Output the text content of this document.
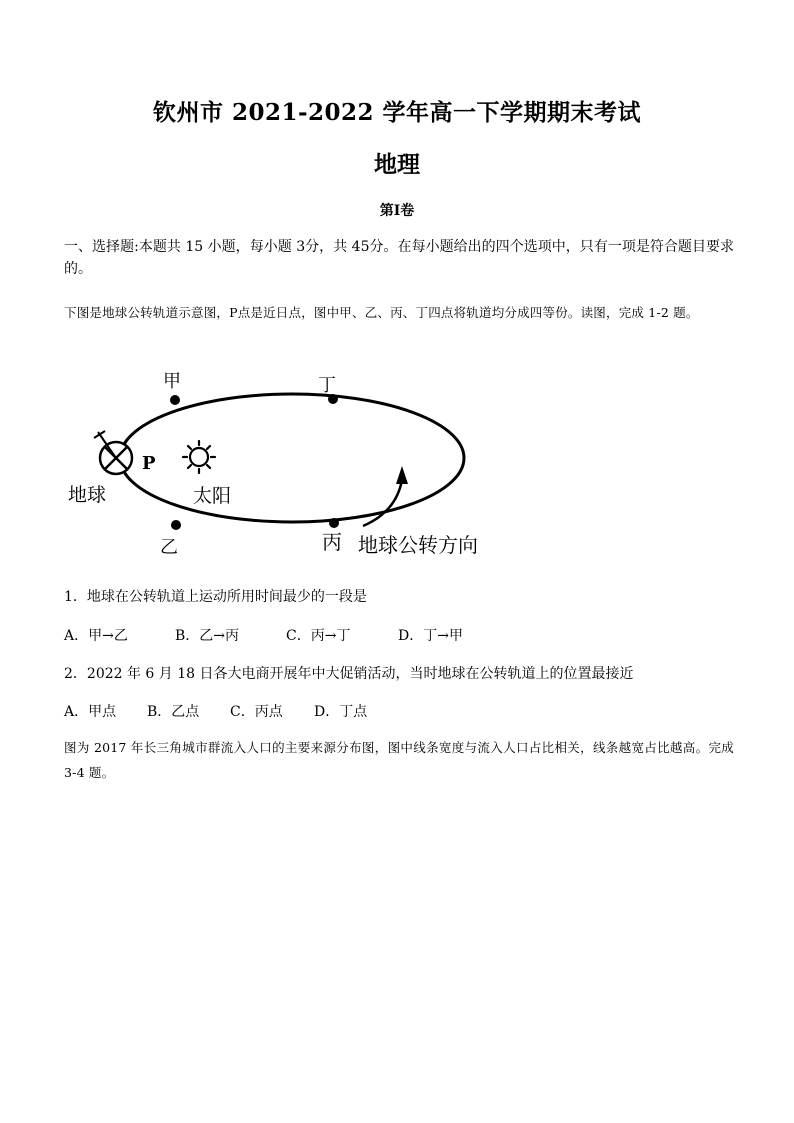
钦州市 2021-2022 学年高一下学期期末考试
地理
第Ⅰ卷
一、选择题:本题共 15 小题，每小题 3分，共 45分。在每小题给出的四个选项中，只有一项是符合题目要求的。
下图是地球公转轨道示意图，P点是近日点，图中甲、乙、丙、丁四点将轨道均分成四等份。读图，完成 1-2 题。
甲	丁
乙	丙
P
地球	太阳
地球公转方向
1．地球在公转轨道上运动所用时间最少的一段是
A．甲→乙	B．乙→丙	C．丙→丁	D．丁→甲
2．2022 年 6 月 18 日各大电商开展年中大促销活动，当时地球在公转轨道上的位置最接近
A．甲点 B．乙点 C．丙点 D．丁点
图为 2017 年长三角城市群流入人口的主要来源分布图，图中线条宽度与流入人口占比相关，线条越宽占比越高。完成 3-4 题。
